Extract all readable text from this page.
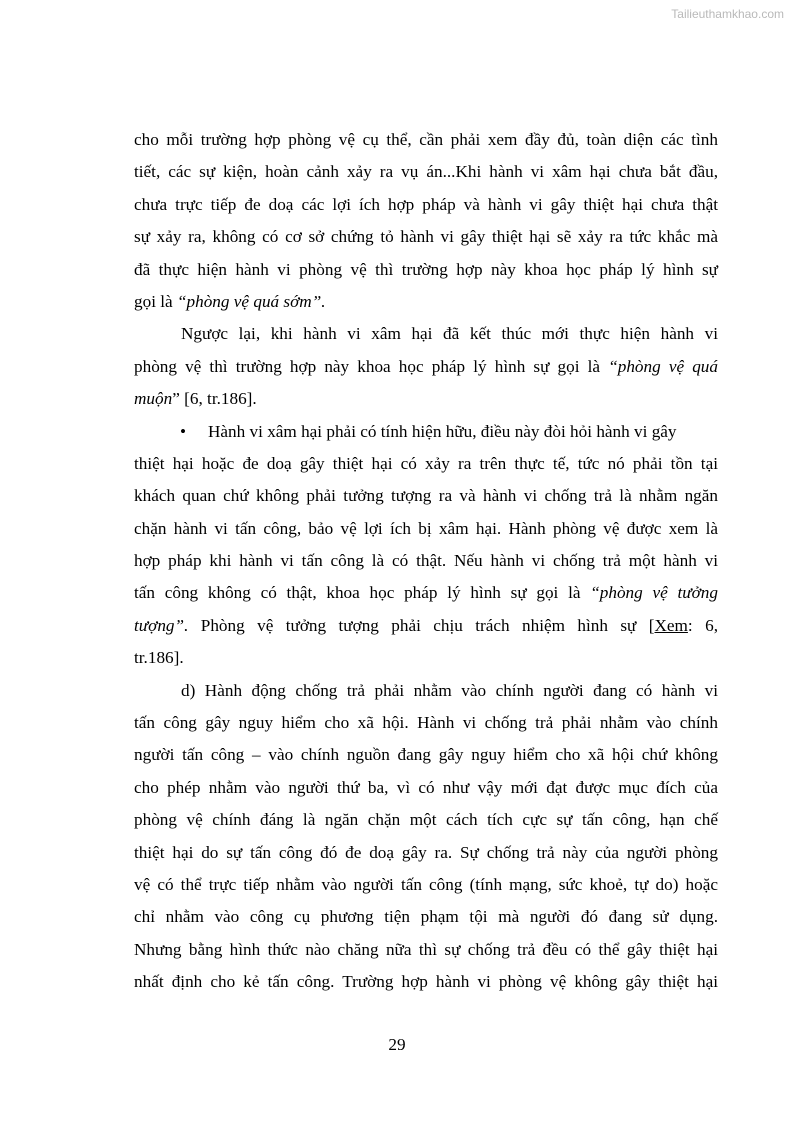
Tailieuthamkhao.com
cho mỗi trường hợp phòng vệ cụ thể, cần phải xem đầy đủ, toàn diện các tình
tiết, các sự kiện, hoàn cảnh xảy ra vụ án...Khi hành vi xâm hại chưa bắt đầu,
chưa trực tiếp đe doạ các lợi ích hợp pháp và hành vi gây thiệt hại chưa thật
sự xảy ra, không có cơ sở chứng tỏ hành vi gây thiệt hại sẽ xảy ra tức khắc mà
đã thực hiện hành vi phòng vệ thì trường hợp này khoa học pháp lý hình sự
gọi là “phòng vệ quá sớm”.
Ngược lại, khi hành vi xâm hại đã kết thúc mới thực hiện hành vi
phòng vệ thì trường hợp này khoa học pháp lý hình sự gọi là “phòng vệ quá
muộn” [6, tr.186].
• Hành vi xâm hại phải có tính hiện hữu, điều này đòi hỏi hành vi gây
thiệt hại hoặc đe doạ gây thiệt hại có xảy ra trên thực tế, tức nó phải tồn tại
khách quan chứ không phải tưởng tượng ra và hành vi chống trả là nhằm ngăn
chặn hành vi tấn công, bảo vệ lợi ích bị xâm hại. Hành phòng vệ được xem là
hợp pháp khi hành vi tấn công là có thật. Nếu hành vi chống trả một hành vi
tấn công không có thật, khoa học pháp lý hình sự gọi là “phòng vệ tưởng
tượng”. Phòng vệ tưởng tượng phải chịu trách nhiệm hình sự [Xem: 6,
tr.186].
d) Hành động chống trả phải nhằm vào chính người đang có hành vi
tấn công gây nguy hiểm cho xã hội. Hành vi chống trả phải nhằm vào chính
người tấn công – vào chính nguồn đang gây nguy hiểm cho xã hội chứ không
cho phép nhằm vào người thứ ba, vì có như vậy mới đạt được mục đích của
phòng vệ chính đáng là ngăn chặn một cách tích cực sự tấn công, hạn chế
thiệt hại do sự tấn công đó đe doạ gây ra. Sự chống trả này của người phòng
vệ có thể trực tiếp nhằm vào người tấn công (tính mạng, sức khoẻ, tự do) hoặc
chỉ nhằm vào công cụ phương tiện phạm tội mà người đó đang sử dụng.
Nhưng bằng hình thức nào chăng nữa thì sự chống trả đều có thể gây thiệt hại
nhất định cho kẻ tấn công. Trường hợp hành vi phòng vệ không gây thiệt hại
29
